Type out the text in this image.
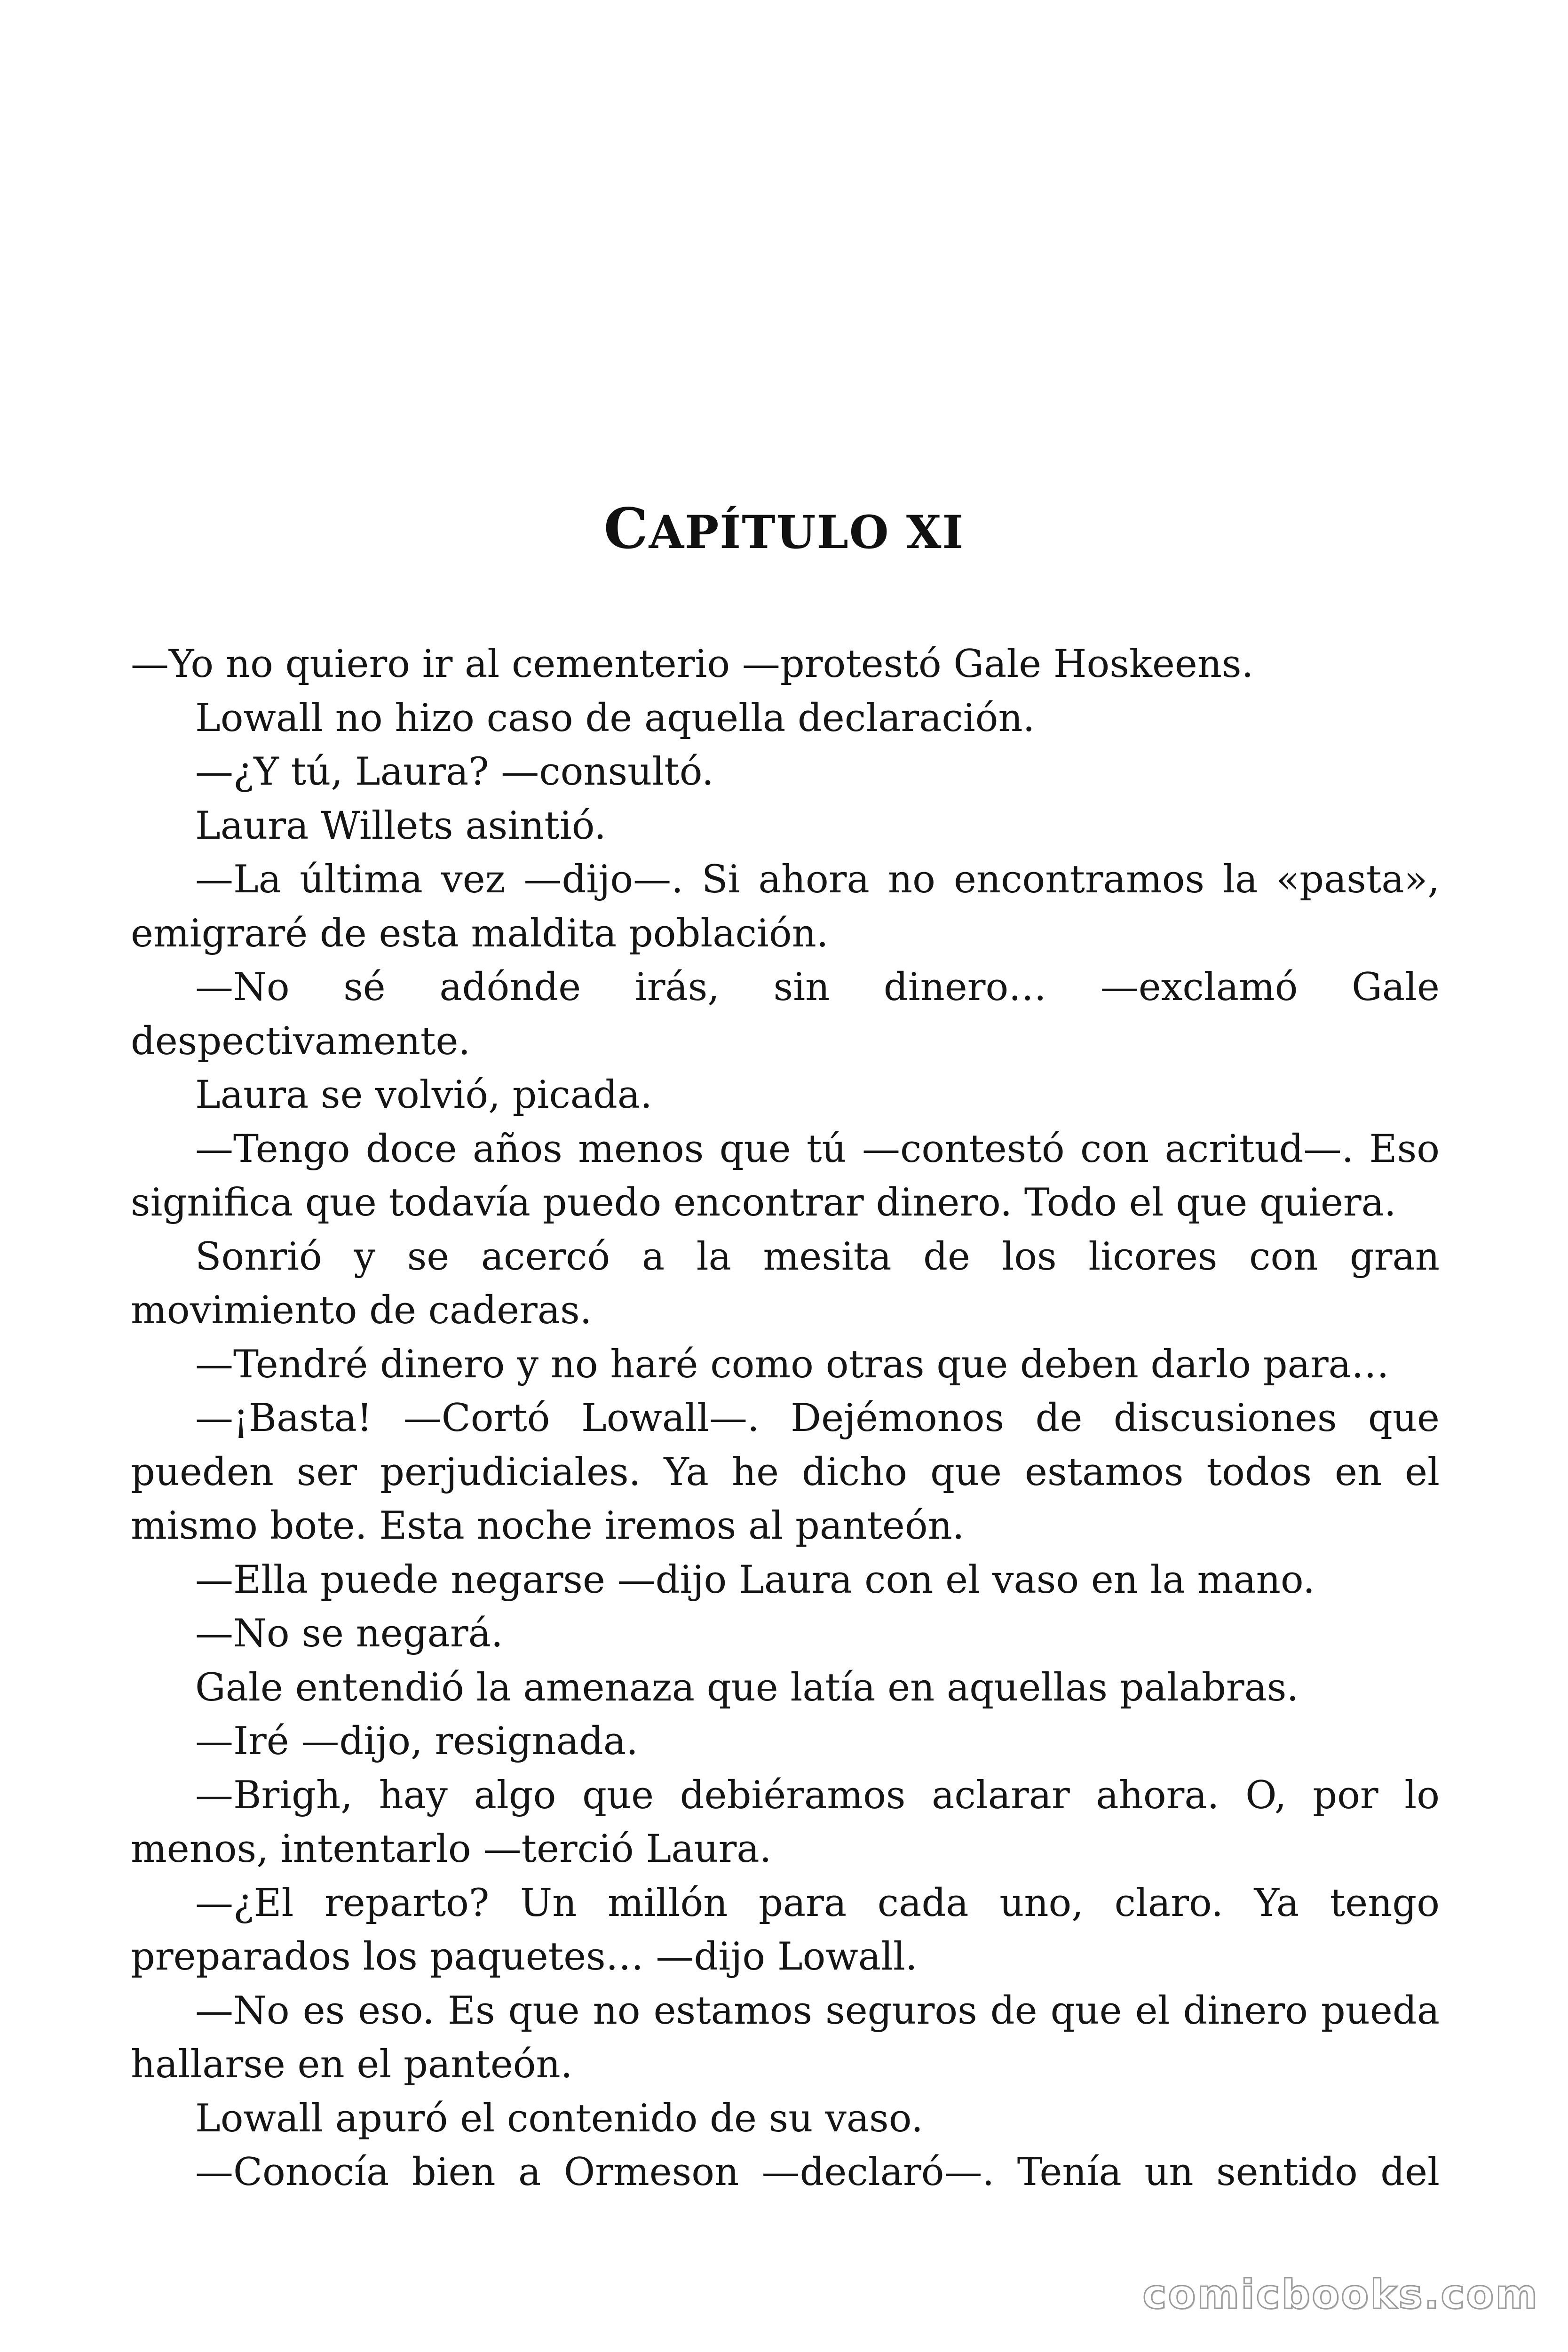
CAPÍTULO XI

—Yo no quiero ir al cementerio —protestó Gale Hoskeens.

Lowall no hizo caso de aquella declaración.

—¿Y tú, Laura? —consultó.

Laura Willets asintió.

—La última vez —dijo—. Si ahora no encontramos la «pasta», emigraré de esta maldita población.

—No sé adónde irás, sin dinero… —exclamó Gale despectivamente.

Laura se volvió, picada.

—Tengo doce años menos que tú —contestó con acritud—. Eso significa que todavía puedo encontrar dinero. Todo el que quiera.

Sonrió y se acercó a la mesita de los licores con gran movimiento de caderas.

—Tendré dinero y no haré como otras que deben darlo para…

—¡Basta! —Cortó Lowall—. Dejémonos de discusiones que pueden ser perjudiciales. Ya he dicho que estamos todos en el mismo bote. Esta noche iremos al panteón.

—Ella puede negarse —dijo Laura con el vaso en la mano.

—No se negará.

Gale entendió la amenaza que latía en aquellas palabras.

—Iré —dijo, resignada.

—Brigh, hay algo que debiéramos aclarar ahora. O, por lo menos, intentarlo —terció Laura.

—¿El reparto? Un millón para cada uno, claro. Ya tengo preparados los paquetes… —dijo Lowall.

—No es eso. Es que no estamos seguros de que el dinero pueda hallarse en el panteón.

Lowall apuró el contenido de su vaso.

—Conocía bien a Ormeson —declaró—. Tenía un sentido del

comicbooks.com
